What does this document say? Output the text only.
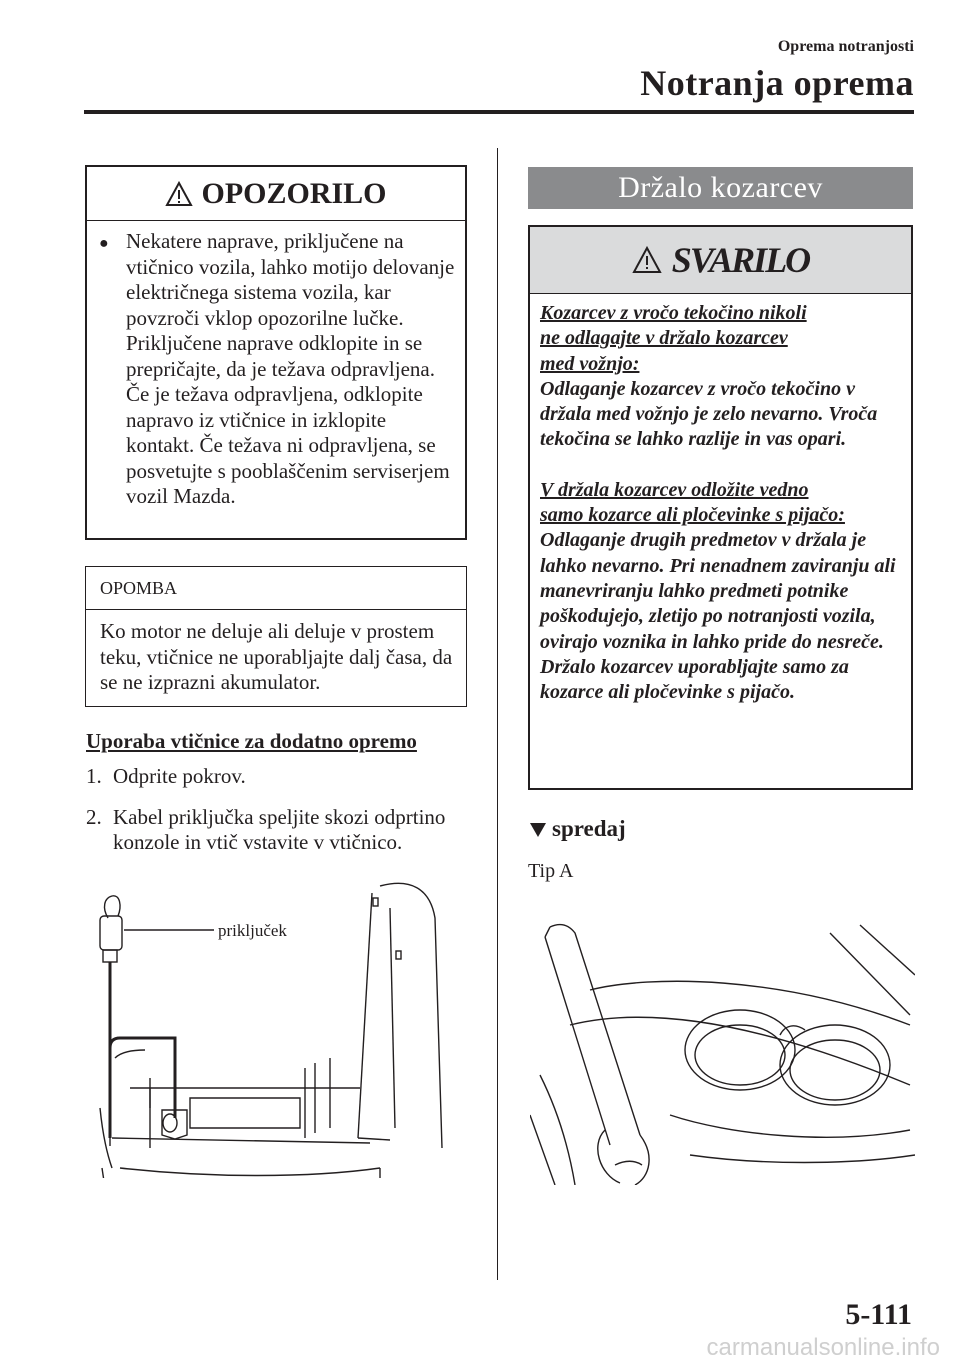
Oprema notranjosti
Notranja oprema
OPOZORILO
● Nekatere naprave, priključene na vtičnico vozila, lahko motijo delovanje električnega sistema vozila, kar povzroči vklop opozorilne lučke. Priključene naprave odklopite in se prepričajte, da je težava odpravljena. Če je težava odpravljena, odklopite napravo iz vtičnice in izklopite kontakt. Če težava ni odpravljena, se posvetujte s pooblaščenim serviserjem vozil Mazda.
OPOMBA
Ko motor ne deluje ali deluje v prostem teku, vtičnice ne uporabljajte dalj časa, da se ne izprazni akumulator.
Uporaba vtičnice za dodatno opremo
1. Odprite pokrov.
2. Kabel priključka speljite skozi odprtino konzole in vtič vstavite v vtičnico.
priključek
Držalo kozarcev
SVARILO
Kozarcev z vročo tekočino nikoli
ne odlagajte v držalo kozarcev
med vožnjo:
Odlaganje kozarcev z vročo tekočino v držala med vožnjo je zelo nevarno. Vroča tekočina se lahko razlije in vas opari.
V držala kozarcev odložite vedno
samo kozarce ali pločevinke s pijačo:
Odlaganje drugih predmetov v držala je lahko nevarno. Pri nenadnem zaviranju ali manevriranju lahko predmeti potnike poškodujejo, zletijo po notranjosti vozila, ovirajo voznika in lahko pride do nesreče. Držalo kozarcev uporabljajte samo za kozarce ali pločevinke s pijačo.
spredaj
Tip A
5-111
carmanualsonline.info
